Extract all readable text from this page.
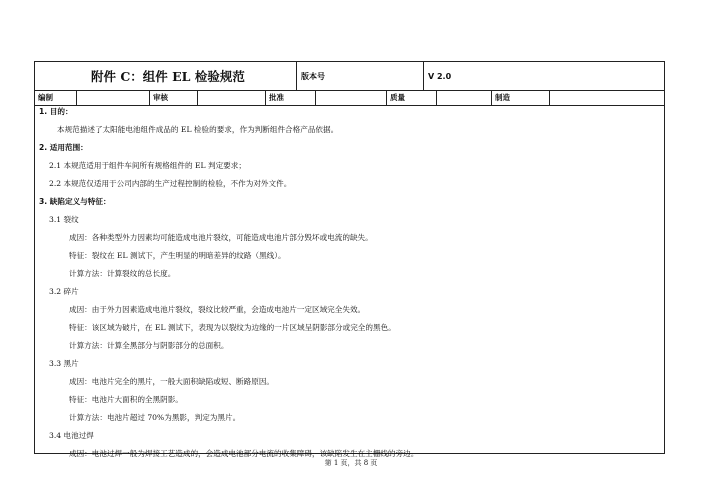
附件 C：组件 EL 检验规范	版本号	V 2.0
编制	审核	批准	质量	制造
1. 目的：
本规范描述了太阳能电池组件成品的 EL 检验的要求，作为判断组件合格产品依据。
2. 适用范围：
2.1 本规范适用于组件车间所有规格组件的 EL 判定要求；
2.2 本规范仅适用于公司内部的生产过程控制的检验，不作为对外文件。
3. 缺陷定义与特征：
3.1 裂纹
成因：各种类型外力因素均可能造成电池片裂纹，可能造成电池片部分毁坏或电流的缺失。
特征：裂纹在 EL 测试下，产生明显的明暗差异的纹路（黑线）。
计算方法：计算裂纹的总长度。
3.2 碎片
成因：由于外力因素造成电池片裂纹，裂纹比较严重，会造成电池片一定区域完全失效。
特征：该区域为破片，在 EL 测试下，表现为以裂纹为边缘的一片区域呈阴影部分或完全的黑色。
计算方法：计算全黑部分与阴影部分的总面积。
3.3 黑片
成因：电池片完全的黑片，一般大面积缺陷或短、断路原因。
特征：电池片大面积的全黑阴影。
计算方法：电池片超过 70%为黑影，判定为黑片。
3.4 电池过焊
成因：电池过焊一般为焊接工艺造成的，会造成电池部分电流的收集障碍，该缺陷发生在主栅线的旁边。
第 1 页，共 8 页
